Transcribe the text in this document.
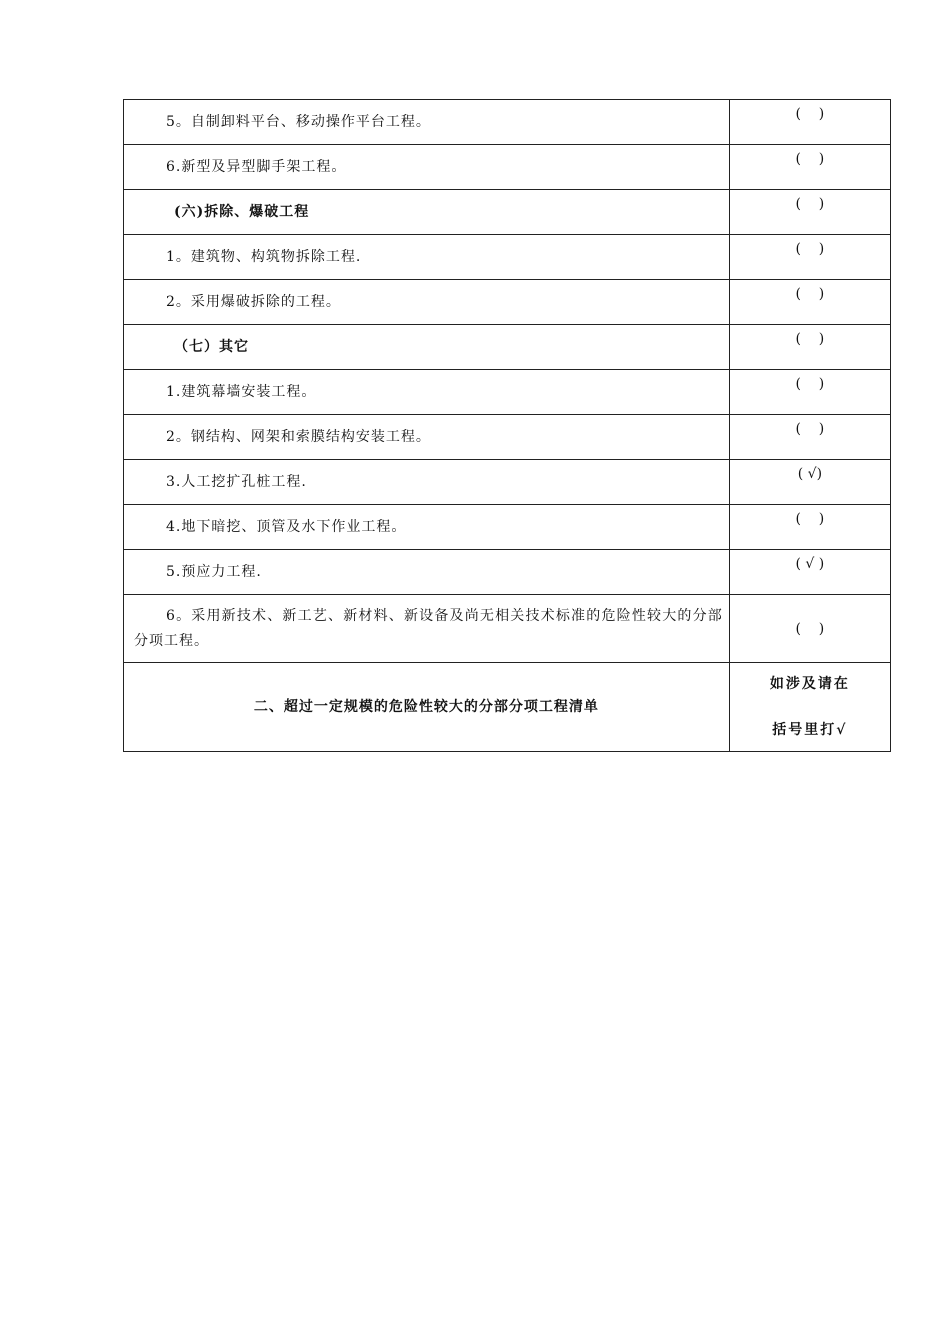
5。自制卸料平台、移动操作平台工程。	(    )

6.新型及异型脚手架工程。	(    )

(六)拆除、爆破工程	(    )

1。建筑物、构筑物拆除工程.	(    )

2。采用爆破拆除的工程。	(    )

（七）其它	(    )

1.建筑幕墙安装工程。	(    )

2。钢结构、网架和索膜结构安装工程。	(    )

3.人工挖扩孔桩工程.	( √)

4.地下暗挖、顶管及水下作业工程。	(    )

5.预应力工程.	( √ )

6。采用新技术、新工艺、新材料、新设备及尚无相关技术标准的危险性较大的分部分项工程。	(    )
二、超过一定规模的危险性较大的分部分项工程清单	如涉及请在
括号里打√
